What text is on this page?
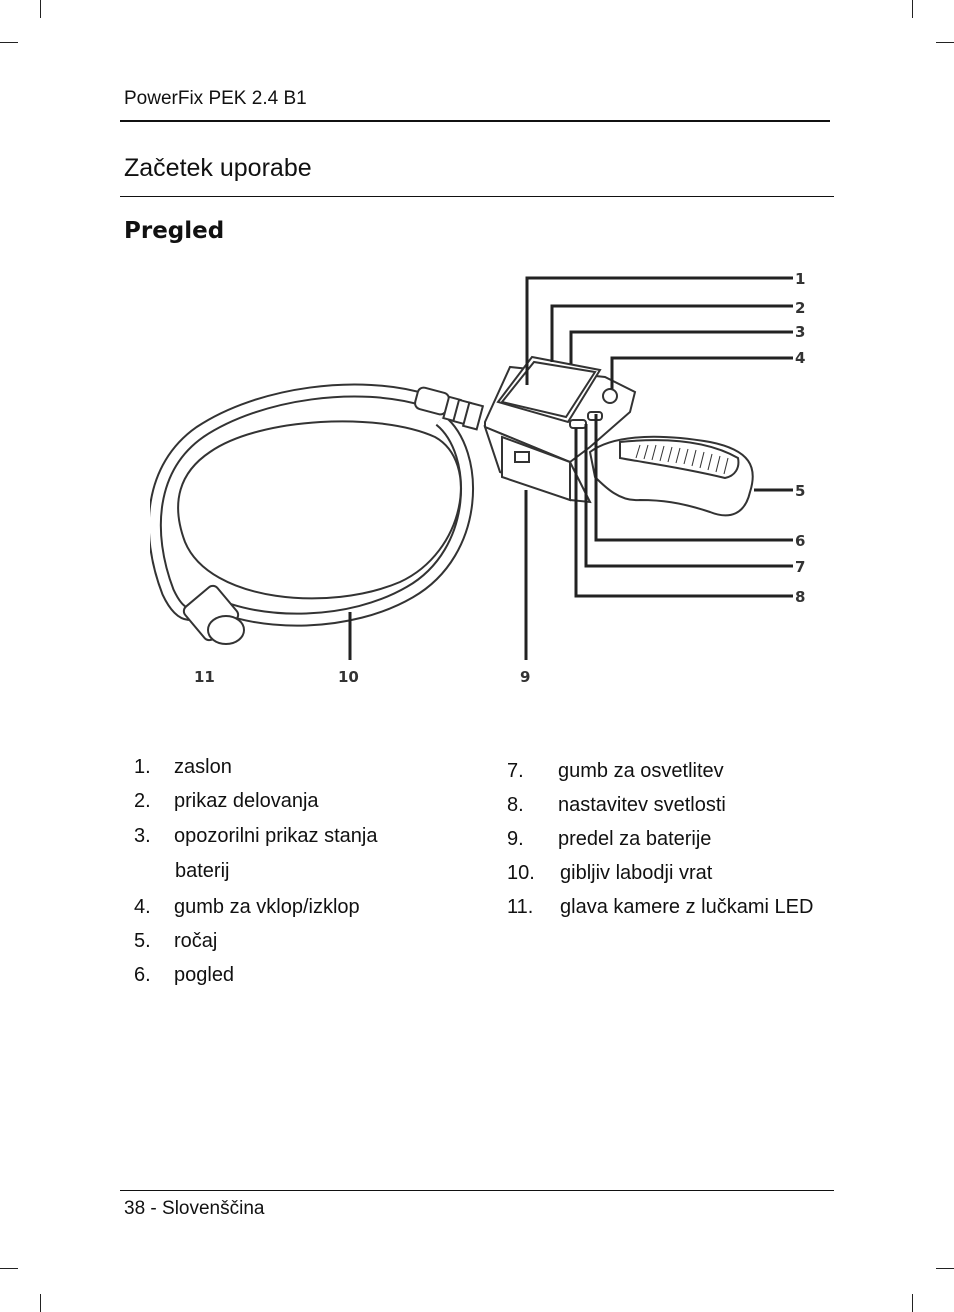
PowerFix PEK 2.4 B1
Začetek uporabe
Pregled
1
2
3
4
5
6
7
8
9
10
11
1. zaslon
2. prikaz delovanja
3. opozorilni prikaz stanja
baterij
4. gumb za vklop/izklop
5. ročaj
6. pogled
7. gumb za osvetlitev
8. nastavitev svetlosti
9. predel za baterije
10. gibljiv labodji vrat
11. glava kamere z lučkami LED
38 - Slovenščina
